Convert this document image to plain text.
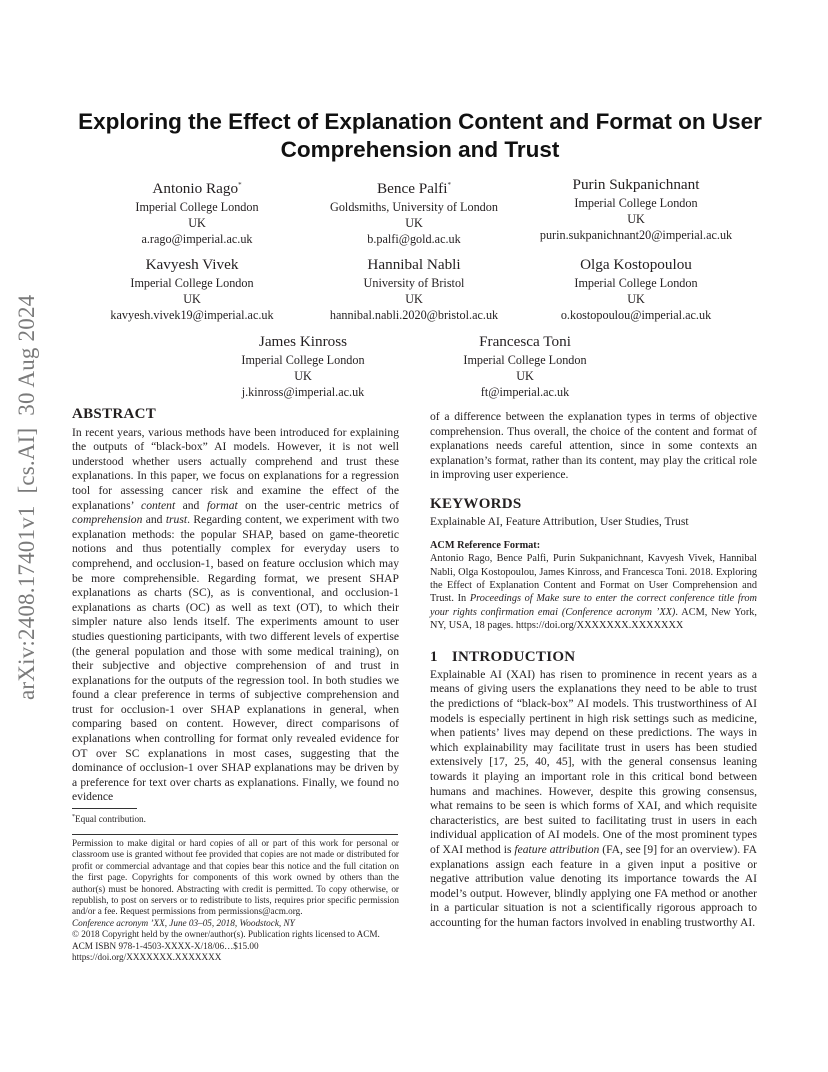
arXiv:2408.17401v1  [cs.AI]  30 Aug 2024
Exploring the Effect of Explanation Content and Format on User Comprehension and Trust
Antonio Rago*
Imperial College London
UK
a.rago@imperial.ac.uk
Bence Palfi*
Goldsmiths, University of London
UK
b.palfi@gold.ac.uk
Purin Sukpanichnant
Imperial College London
UK
purin.sukpanichnant20@imperial.ac.uk
Kavyesh Vivek
Imperial College London
UK
kavyesh.vivek19@imperial.ac.uk
Hannibal Nabli
University of Bristol
UK
hannibal.nabli.2020@bristol.ac.uk
Olga Kostopoulou
Imperial College London
UK
o.kostopoulou@imperial.ac.uk
James Kinross
Imperial College London
UK
j.kinross@imperial.ac.uk
Francesca Toni
Imperial College London
UK
ft@imperial.ac.uk
ABSTRACT

In recent years, various methods have been introduced for explaining the outputs of “black-box” AI models. However, it is not well understood whether users actually comprehend and trust these explanations. In this paper, we focus on explanations for a regression tool for assessing cancer risk and examine the effect of the explanations’ content and format on the user-centric metrics of comprehension and trust. Regarding content, we experiment with two explanation methods: the popular SHAP, based on game-theoretic notions and thus potentially complex for everyday users to comprehend, and occlusion-1, based on feature occlusion which may be more comprehensible. Regarding format, we present SHAP explanations as charts (SC), as is conventional, and occlusion-1 explanations as charts (OC) as well as text (OT), to which their simpler nature also lends itself. The experiments amount to user studies questioning participants, with two different levels of expertise (the general population and those with some medical training), on their subjective and objective comprehension of and trust in explanations for the outputs of the regression tool. In both studies we found a clear preference in terms of subjective comprehension and trust for occlusion-1 over SHAP explanations in general, when comparing based on content. However, direct comparisons of explanations when controlling for format only revealed evidence for OT over SC explanations in most cases, suggesting that the dominance of occlusion-1 over SHAP explanations may be driven by a preference for text over charts as explanations. Finally, we found no evidence

*Equal contribution.
Permission to make digital or hard copies of all or part of this work for personal or classroom use is granted without fee provided that copies are not made or distributed for profit or commercial advantage and that copies bear this notice and the full citation on the first page. Copyrights for components of this work owned by others than the author(s) must be honored. Abstracting with credit is permitted. To copy otherwise, or republish, to post on servers or to redistribute to lists, requires prior specific permission and/or a fee. Request permissions from permissions@acm.org.
Conference acronym ’XX, June 03–05, 2018, Woodstock, NY
© 2018 Copyright held by the owner/author(s). Publication rights licensed to ACM.
ACM ISBN 978-1-4503-XXXX-X/18/06…$15.00
https://doi.org/XXXXXXX.XXXXXXX

of a difference between the explanation types in terms of objective comprehension. Thus overall, the choice of the content and format of explanations needs careful attention, since in some contexts an explanation’s format, rather than its content, may play the critical role in improving user experience.

KEYWORDS

Explainable AI, Feature Attribution, User Studies, Trust

ACM Reference Format:

Antonio Rago, Bence Palfi, Purin Sukpanichnant, Kavyesh Vivek, Hannibal Nabli, Olga Kostopoulou, James Kinross, and Francesca Toni. 2018. Exploring the Effect of Explanation Content and Format on User Comprehension and Trust. In Proceedings of Make sure to enter the correct conference title from your rights confirmation emai (Conference acronym ’XX). ACM, New York, NY, USA, 18 pages. https://doi.org/XXXXXXX.XXXXXXX

1 INTRODUCTION

Explainable AI (XAI) has risen to prominence in recent years as a means of giving users the explanations they need to be able to trust the predictions of “black-box” AI models. This trustworthiness of AI models is especially pertinent in high risk settings such as medicine, when patients’ lives may depend on these predictions. The ways in which explainability may facilitate trust in users has been studied extensively [17, 25, 40, 45], with the general consensus leaning towards it playing an important role in this critical bond between humans and machines. However, despite this growing consensus, what remains to be seen is which forms of XAI, and which requisite characteristics, are best suited to facilitating trust in users in each individual application of AI models. One of the most prominent types of XAI method is feature attribution (FA, see [9] for an overview). FA explanations assign each feature in a given input a positive or negative attribution value denoting its importance towards the AI model’s output. However, blindly applying one FA method or another in a particular situation is not a scientifically rigorous approach to accounting for the human factors involved in enabling trustworthy AI.
